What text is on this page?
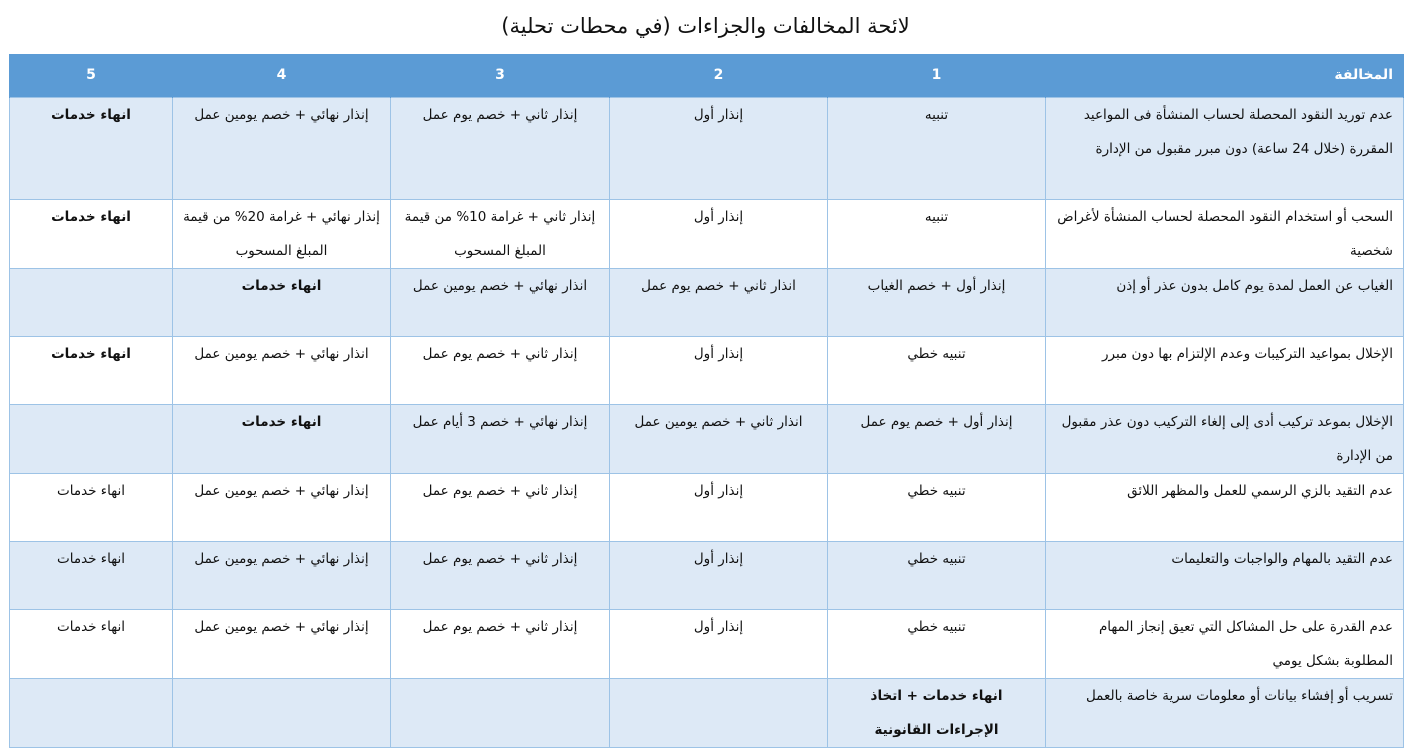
لائحة المخالفات والجزاءات (في محطات تحلية)
المخالفة	1	2	3	4	5
عدم توريد النقود المحصلة لحساب المنشأة فى المواعيد المقررة (خلال 24 ساعة) دون مبرر مقبول من الإدارة	تنبيه	إنذار أول	إنذار ثاني + خصم يوم عمل	إنذار نهائي + خصم يومين عمل	انهاء خدمات
السحب أو استخدام النقود المحصلة لحساب المنشأة لأغراض شخصية	تنبيه	إنذار أول	إنذار ثاني + غرامة 10% من قيمة المبلغ المسحوب	إنذار نهائي + غرامة 20% من قيمة المبلغ المسحوب	انهاء خدمات
الغياب عن العمل لمدة يوم كامل بدون عذر أو إذن	إنذار أول + خصم الغياب	انذار ثاني + خصم يوم عمل	انذار نهائي + خصم يومين عمل	انهاء خدمات	
الإخلال بمواعيد التركيبات وعدم الإلتزام بها دون مبرر	تنبيه خطي	إنذار أول	إنذار ثاني + خصم يوم عمل	انذار نهائي + خصم يومين عمل	انهاء خدمات
الإخلال بموعد تركيب أدى إلى إلغاء التركيب دون عذر مقبول من الإدارة	إنذار أول + خصم يوم عمل	انذار ثاني + خصم يومين عمل	إنذار نهائي + خصم 3 أيام عمل	انهاء خدمات	
عدم التقيد بالزي الرسمي للعمل والمظهر اللائق	تنبيه خطي	إنذار أول	إنذار ثاني + خصم يوم عمل	إنذار نهائي + خصم يومين عمل	انهاء خدمات
عدم التقيد بالمهام والواجبات والتعليمات	تنبيه خطي	إنذار أول	إنذار ثاني + خصم يوم عمل	إنذار نهائي + خصم يومين عمل	انهاء خدمات
عدم القدرة على حل المشاكل التي تعيق إنجاز المهام المطلوبة بشكل يومي	تنبيه خطي	إنذار أول	إنذار ثاني + خصم يوم عمل	إنذار نهائي + خصم يومين عمل	انهاء خدمات
تسريب أو إفشاء بيانات أو معلومات سرية خاصة بالعمل	انهاء خدمات + اتخاذ الإجراءات القانونية				
